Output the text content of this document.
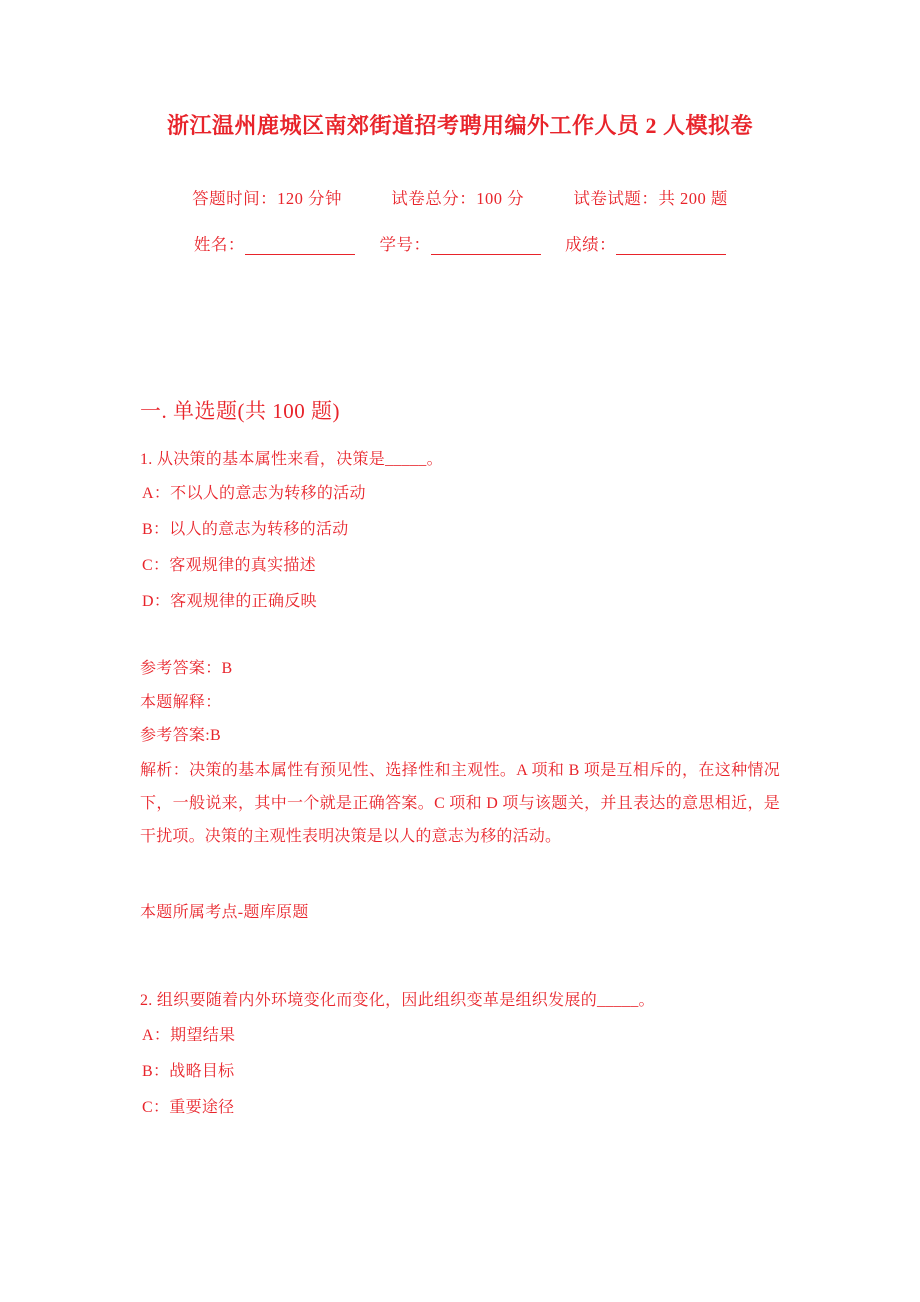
浙江温州鹿城区南郊街道招考聘用编外工作人员 2 人模拟卷
答题时间：120 分钟	试卷总分：100 分	试卷试题：共 200 题
姓名：	学号：	成绩：
一. 单选题(共 100 题)
1. 从决策的基本属性来看，决策是_____。
A：不以人的意志为转移的活动
B：以人的意志为转移的活动
C：客观规律的真实描述
D：客观规律的正确反映
参考答案：B
本题解释：
参考答案:B
解析：决策的基本属性有预见性、选择性和主观性。A 项和 B 项是互相斥的，在这种情况下，一般说来，其中一个就是正确答案。C 项和 D 项与该题关，并且表达的意思相近，是干扰项。决策的主观性表明决策是以人的意志为移的活动。
本题所属考点-题库原题
2. 组织要随着内外环境变化而变化，因此组织变革是组织发展的_____。
A：期望结果
B：战略目标
C：重要途径
